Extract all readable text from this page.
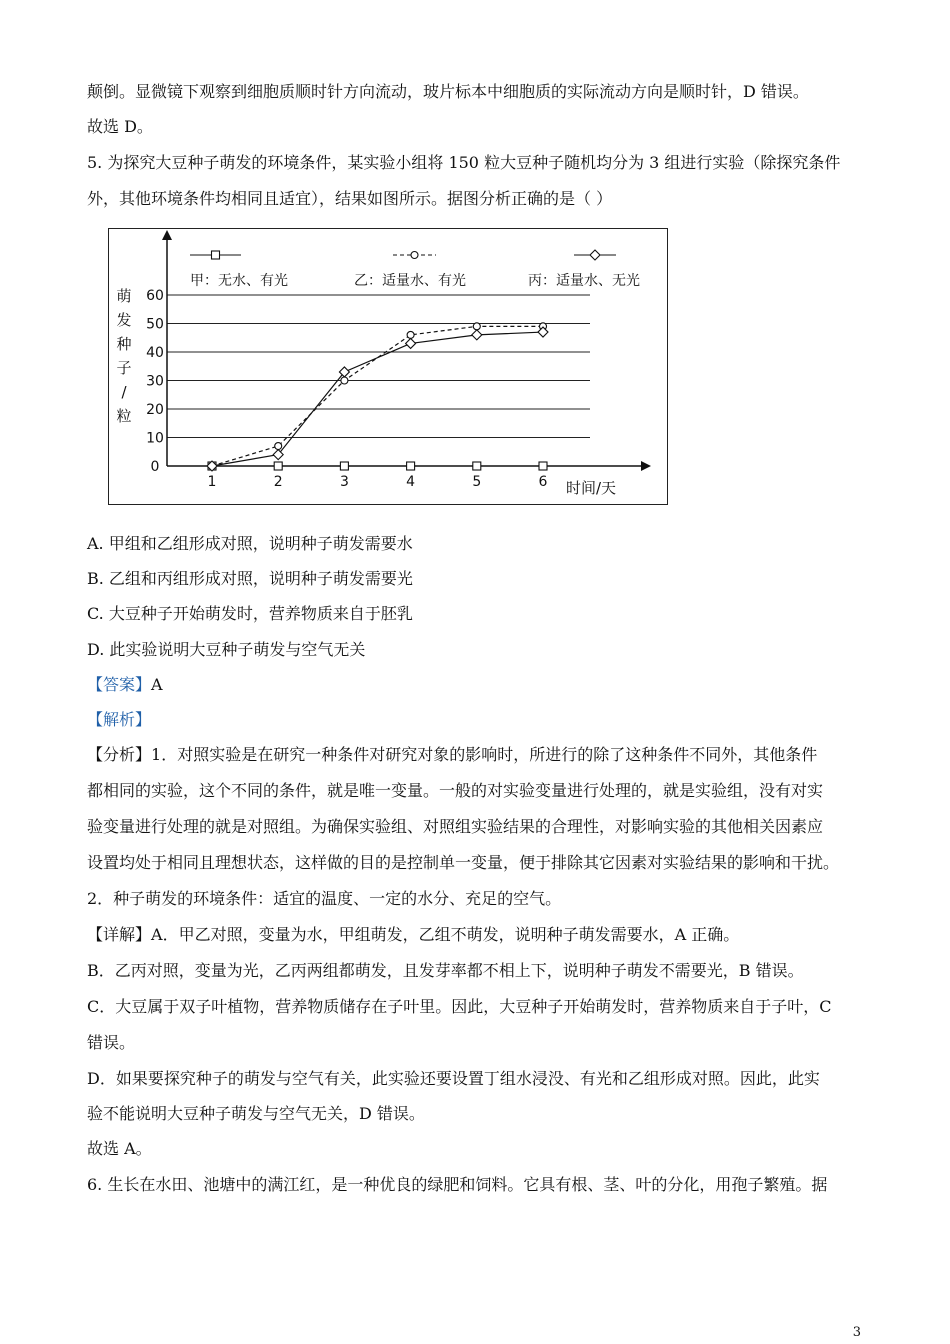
颠倒。显微镜下观察到细胞质顺时针方向流动，玻片标本中细胞质的实际流动方向是顺时针，D 错误。
故选 D。
5. 为探究大豆种子萌发的环境条件，某实验小组将 150 粒大豆种子随机均分为 3 组进行实验（除探究条件
外，其他环境条件均相同且适宜），结果如图所示。据图分析正确的是（ ）
甲：无水、有光	乙：适量水、有光	丙：适量水、无光
0
10
20
30
40
50
60
1	2	3	4	5	6
萌
发
种
子
/
粒
时间/天
A. 甲组和乙组形成对照，说明种子萌发需要水
B. 乙组和丙组形成对照，说明种子萌发需要光
C. 大豆种子开始萌发时，营养物质来自于胚乳
D. 此实验说明大豆种子萌发与空气无关
【答案】A
【解析】
【分析】1．对照实验是在研究一种条件对研究对象的影响时，所进行的除了这种条件不同外，其他条件
都相同的实验，这个不同的条件，就是唯一变量。一般的对实验变量进行处理的，就是实验组，没有对实
验变量进行处理的就是对照组。为确保实验组、对照组实验结果的合理性，对影响实验的其他相关因素应
设置均处于相同且理想状态，这样做的目的是控制单一变量，便于排除其它因素对实验结果的影响和干扰。
2．种子萌发的环境条件：适宜的温度、一定的水分、充足的空气。
【详解】A．甲乙对照，变量为水，甲组萌发，乙组不萌发，说明种子萌发需要水，A 正确。
B．乙丙对照，变量为光，乙丙两组都萌发，且发芽率都不相上下，说明种子萌发不需要光，B 错误。
C．大豆属于双子叶植物，营养物质储存在子叶里。因此，大豆种子开始萌发时，营养物质来自于子叶，C
错误。
D．如果要探究种子的萌发与空气有关，此实验还要设置丁组水浸没、有光和乙组形成对照。因此，此实
验不能说明大豆种子萌发与空气无关，D 错误。
故选 A。
6. 生长在水田、池塘中的满江红，是一种优良的绿肥和饲料。它具有根、茎、叶的分化，用孢子繁殖。据
3
